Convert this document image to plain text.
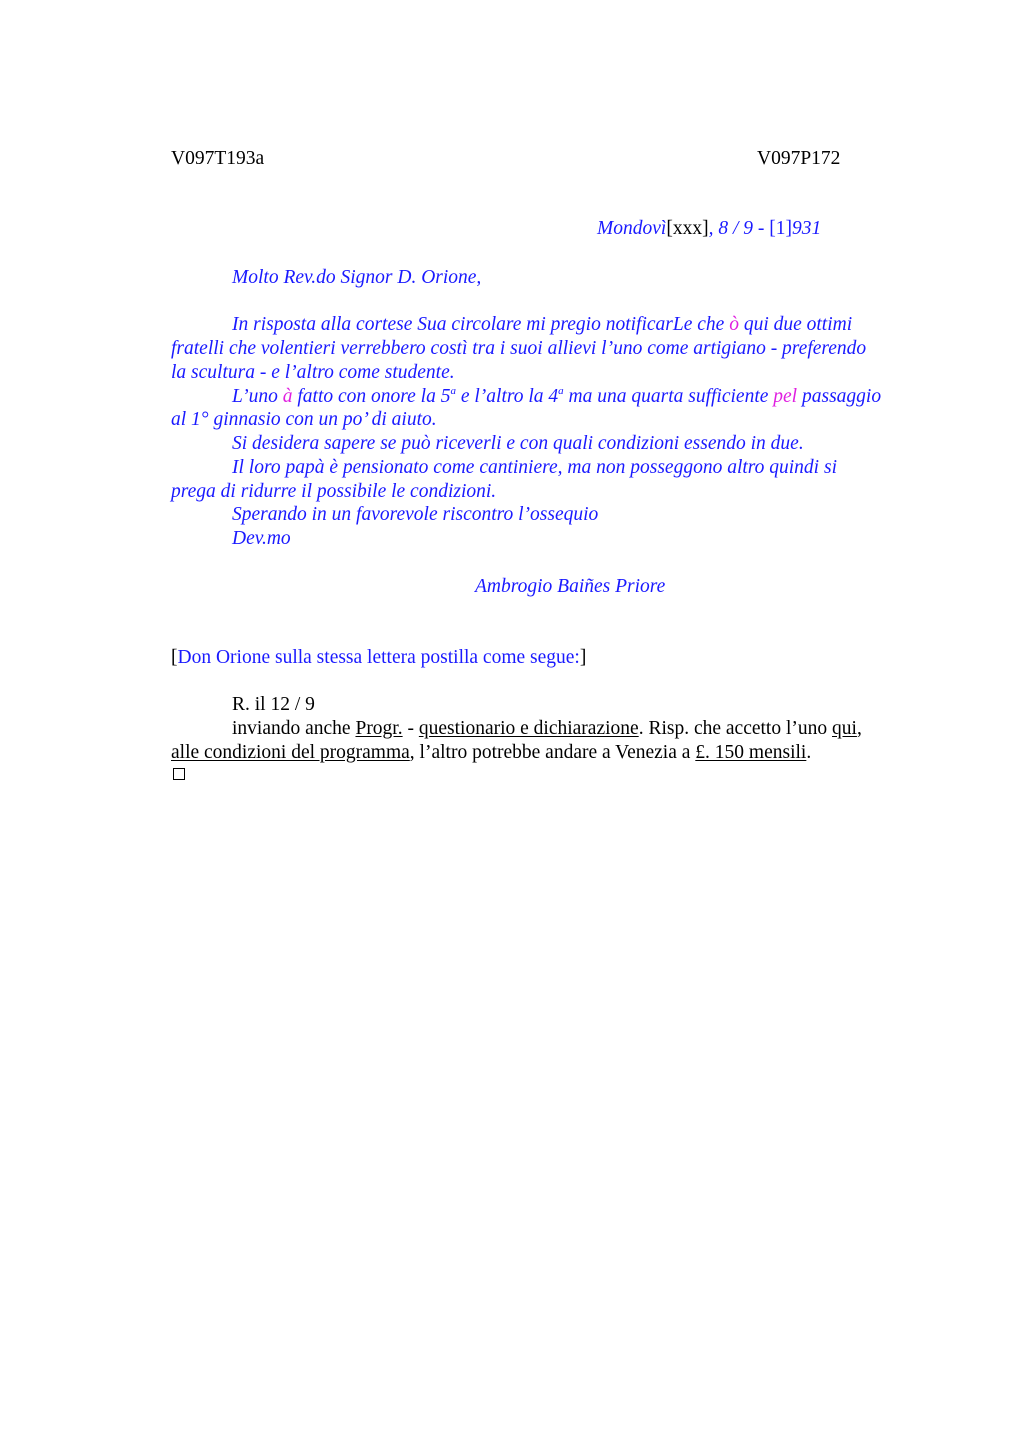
V097T193a	V097P172
Mondovì[xxx], 8 / 9 - [1]931
Molto Rev.do Signor D. Orione,
In risposta alla cortese Sua circolare mi pregio notificarLe che ò qui due ottimi
fratelli che volentieri verrebbero costì tra i suoi allievi l’uno come artigiano - preferendo
la scultura - e l’altro come studente.
L’uno à fatto con onore la 5$^a$ e l’altro la 4$^a$ ma una quarta sufficiente pel passaggio
al 1° ginnasio con un po’ di aiuto.
Si desidera sapere se può riceverli e con quali condizioni essendo in due.
Il loro papà è pensionato come cantiniere, ma non posseggono altro quindi si
prega di ridurre il possibile le condizioni.
Sperando in un favorevole riscontro l’ossequio
Dev.mo
Ambrogio Baiñes Priore
[Don Orione sulla stessa lettera postilla come segue:]
R. il 12 / 9
inviando anche Progr. - questionario e dichiarazione. Risp. che accetto l’uno qui,
alle condizioni del programma, l’altro potrebbe andare a Venezia a £. 150 mensili.
